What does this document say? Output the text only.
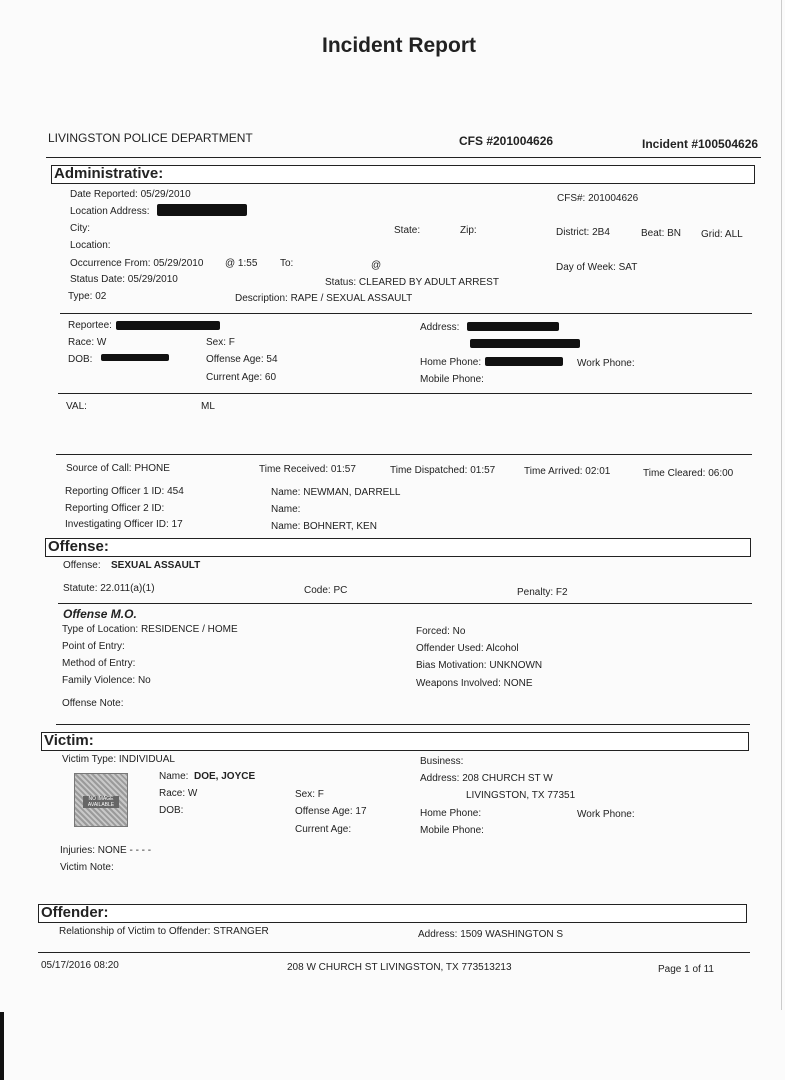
Incident Report
LIVINGSTON POLICE DEPARTMENT	CFS #201004626	Incident #100504626
Administrative:
Date Reported: 05/29/2010
Location Address:
City:	State:	Zip:
Location:
Occurrence From: 05/29/2010 @ 1:55 To:	@
Status Date: 05/29/2010	Status: CLEARED BY ADULT ARREST
Type: 02	Description: RAPE / SEXUAL ASSAULT
CFS#: 201004626
District: 2B4	Beat: BN Grid: ALL
Day of Week: SAT
Reportee:
Race: W	Sex: F
DOB:	Offense Age: 54
Current Age: 60
Address:
Home Phone:	Work Phone:
Mobile Phone:
VAL:	ML
Source of Call: PHONE	Time Received: 01:57	Time Dispatched: 01:57	Time Arrived: 02:01	Time Cleared: 06:00
Reporting Officer 1 ID: 454	Name: NEWMAN, DARRELL
Reporting Officer 2 ID:	Name:
Investigating Officer ID: 17	Name: BOHNERT, KEN
Offense:
Offense: SEXUAL ASSAULT
Statute: 22.011(a)(1)	Code: PC	Penalty: F2
Offense M.O.
Type of Location: RESIDENCE / HOME
Point of Entry:
Method of Entry:
Family Violence: No
Forced: No
Offender Used: Alcohol
Bias Motivation: UNKNOWN
Weapons Involved: NONE
Offense Note:
Victim:
Victim Type: INDIVIDUAL
Name: DOE, JOYCE
Race: W
DOB:
NO IMAGE AVAILABLE
Sex: F
Offense Age: 17
Current Age:
Business:
Address: 208 CHURCH ST W
LIVINGSTON, TX 77351
Home Phone:	Work Phone:
Mobile Phone:
Injuries: NONE - - - -
Victim Note:
Offender:
Relationship of Victim to Offender: STRANGER	Address: 1509 WASHINGTON S
05/17/2016 08:20	208 W CHURCH ST LIVINGSTON, TX 773513213	Page 1 of 11
